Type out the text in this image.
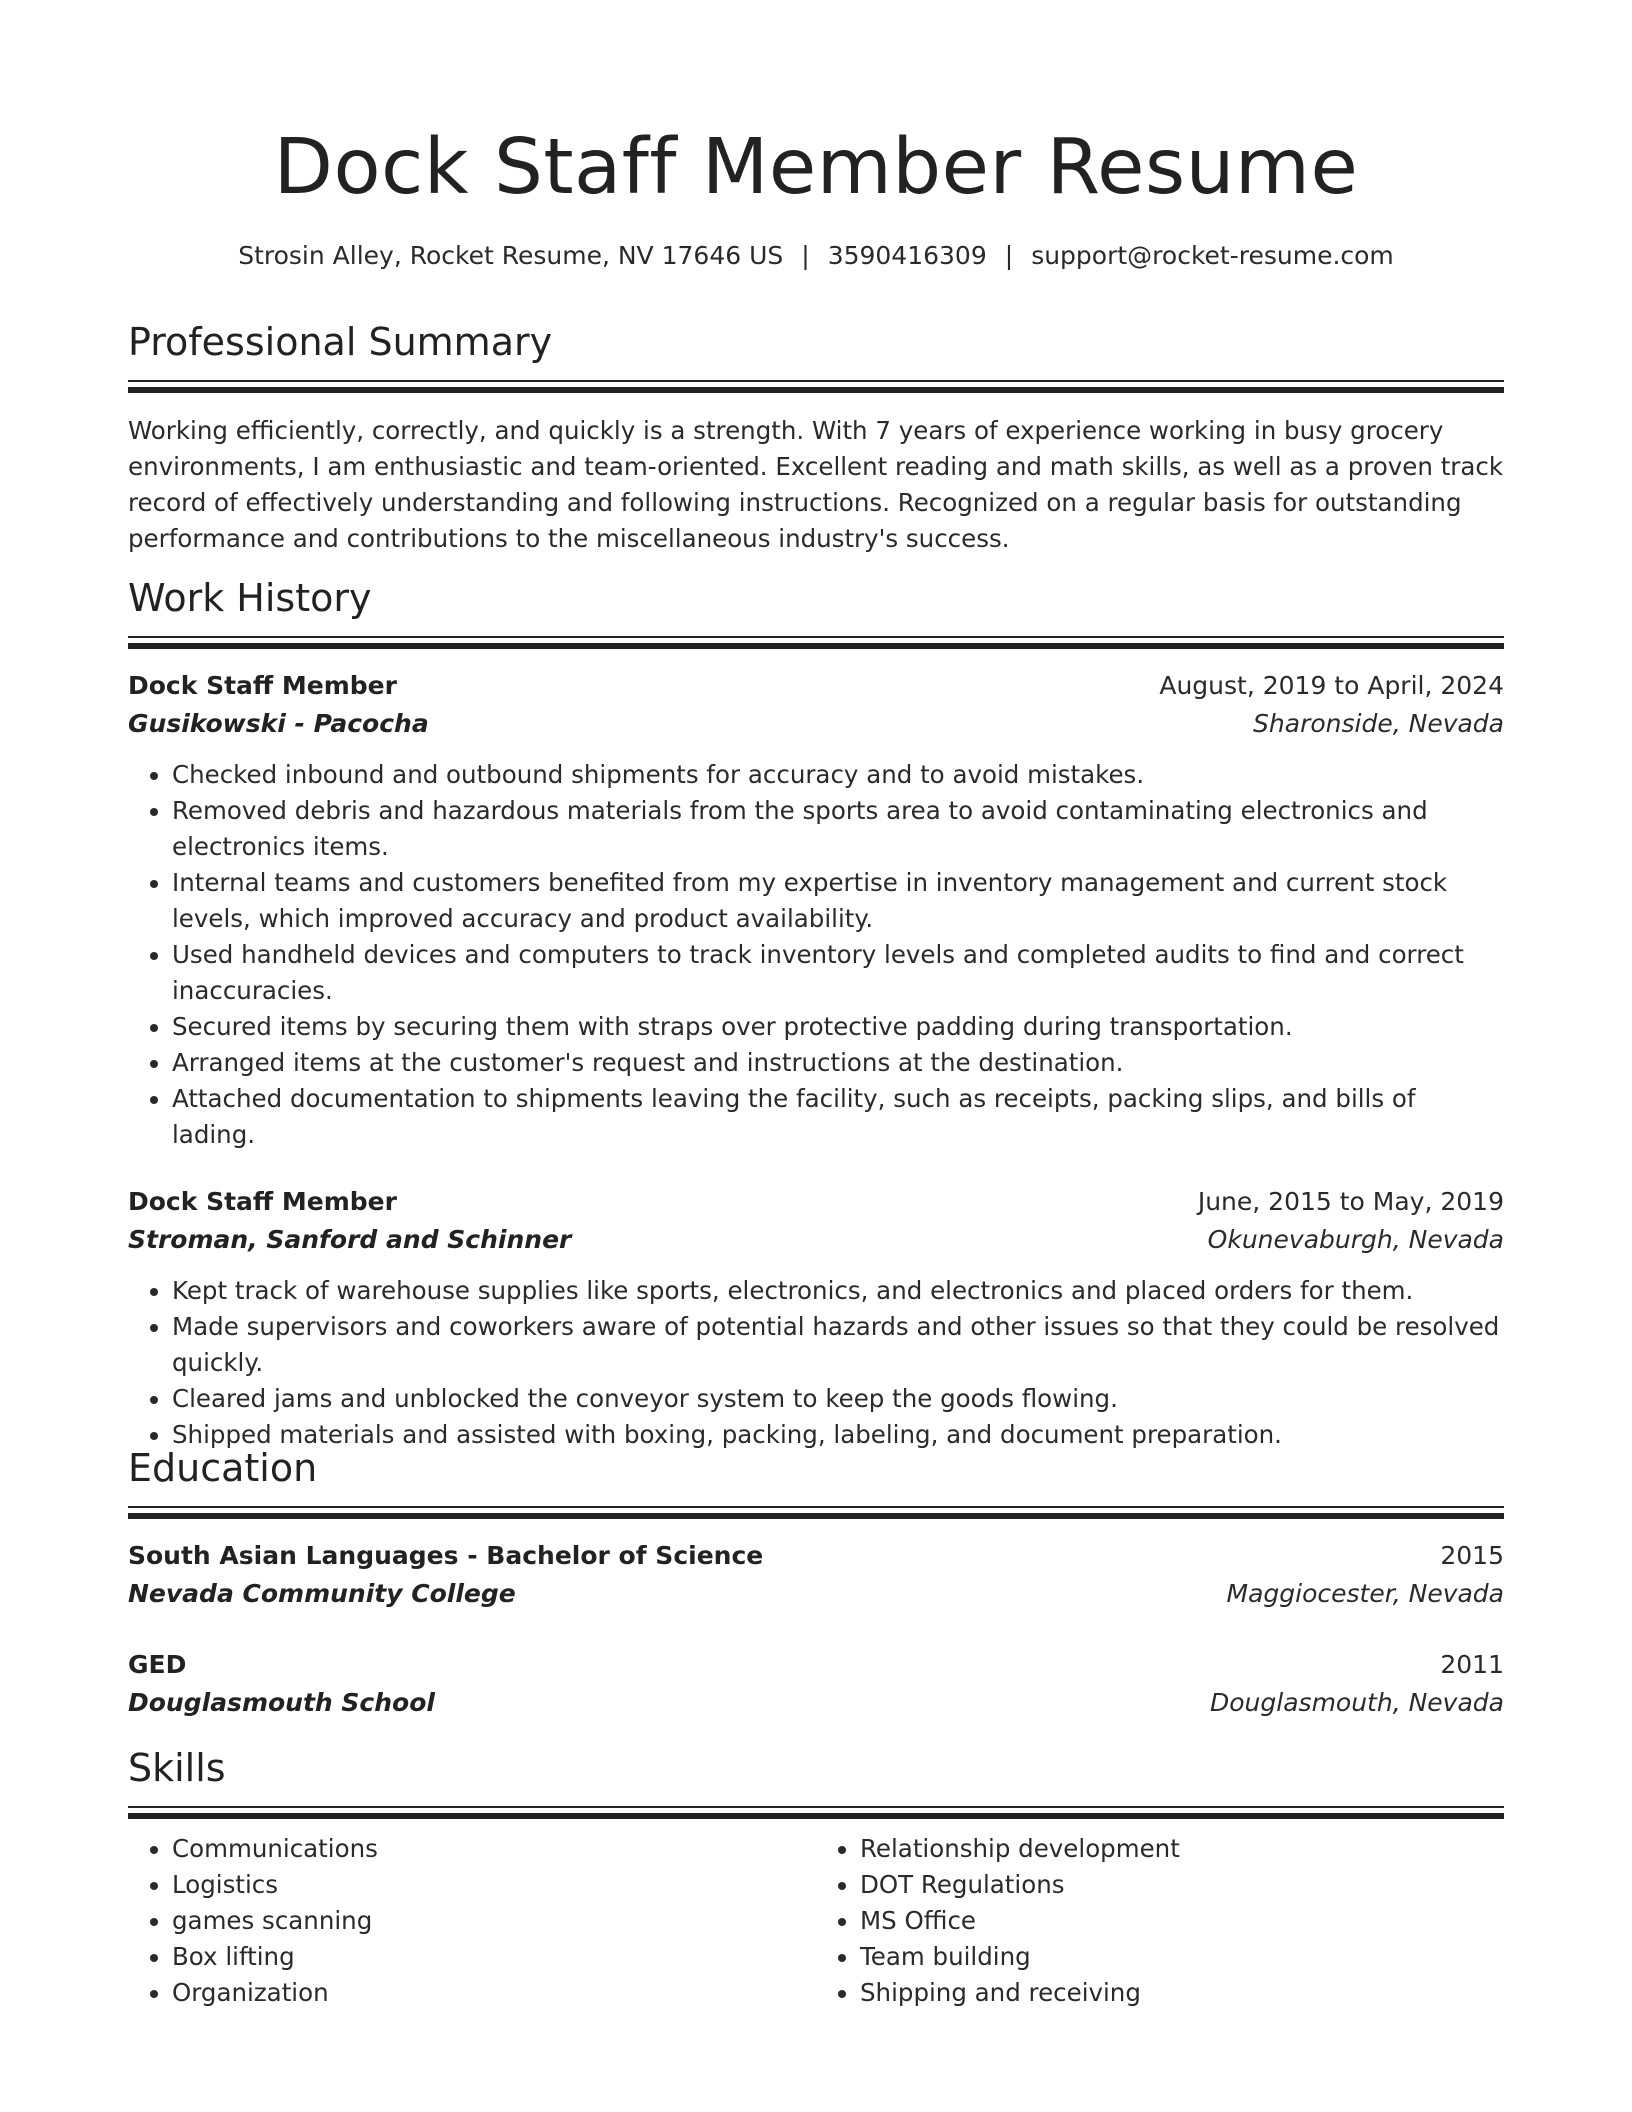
Dock Staff Member Resume
Strosin Alley, Rocket Resume, NV 17646 US | 3590416309 | support@rocket-resume.com
Professional Summary

Working efficiently, correctly, and quickly is a strength. With 7 years of experience working in busy grocery environments, I am enthusiastic and team-oriented. Excellent reading and math skills, as well as a proven track record of effectively understanding and following instructions. Recognized on a regular basis for outstanding performance and contributions to the miscellaneous industry's success.

Work History
Dock Staff Member	August, 2019 to April, 2024
Gusikowski - Pacocha	Sharonside, Nevada
• Checked inbound and outbound shipments for accuracy and to avoid mistakes.
• Removed debris and hazardous materials from the sports area to avoid contaminating electronics and electronics items.
• Internal teams and customers benefited from my expertise in inventory management and current stock levels, which improved accuracy and product availability.
• Used handheld devices and computers to track inventory levels and completed audits to find and correct inaccuracies.
• Secured items by securing them with straps over protective padding during transportation.
• Arranged items at the customer's request and instructions at the destination.
• Attached documentation to shipments leaving the facility, such as receipts, packing slips, and bills of lading.
Dock Staff Member	June, 2015 to May, 2019
Stroman, Sanford and Schinner	Okunevaburgh, Nevada
• Kept track of warehouse supplies like sports, electronics, and electronics and placed orders for them.
• Made supervisors and coworkers aware of potential hazards and other issues so that they could be resolved quickly.
• Cleared jams and unblocked the conveyor system to keep the goods flowing.
• Shipped materials and assisted with boxing, packing, labeling, and document preparation.
Education
South Asian Languages - Bachelor of Science	2015
Nevada Community College	Maggiocester, Nevada
GED	2011
Douglasmouth School	Douglasmouth, Nevada
Skills
• Communications
• Logistics
• games scanning
• Box lifting
• Organization
• Relationship development
• DOT Regulations
• MS Office
• Team building
• Shipping and receiving
